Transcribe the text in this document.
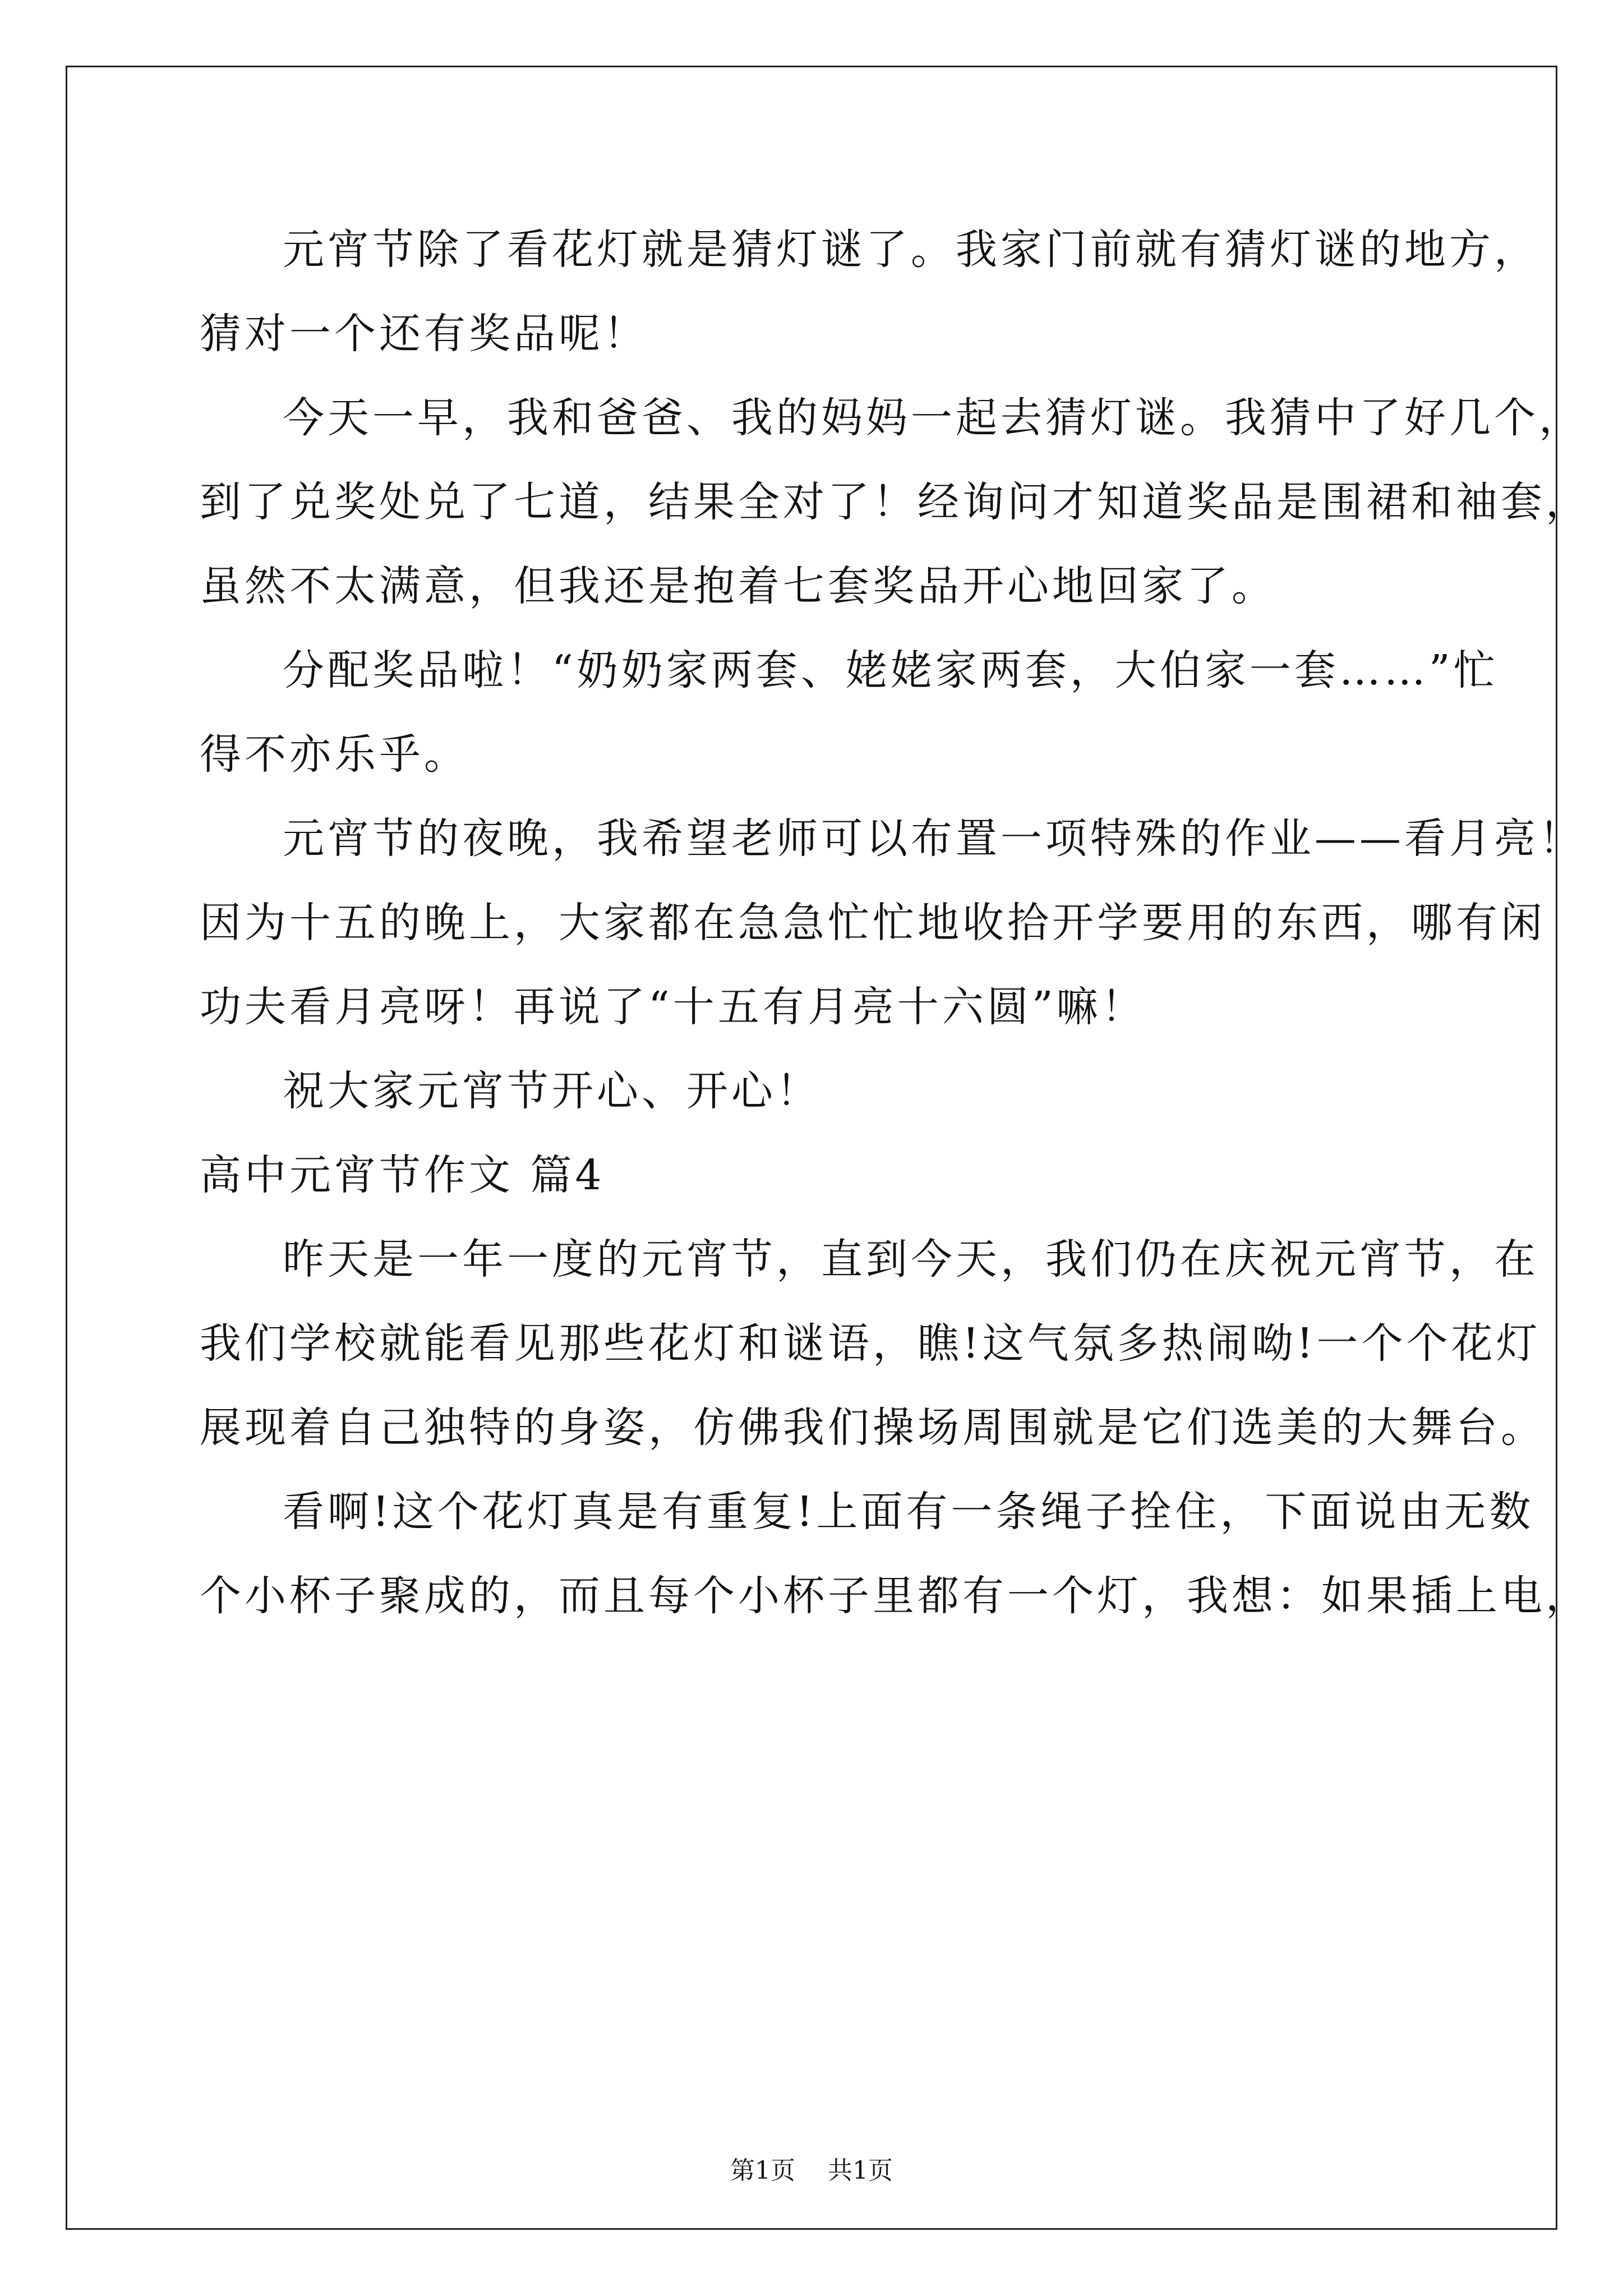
元宵节除了看花灯就是猜灯谜了。我家门前就有猜灯谜的地方，
猜对一个还有奖品呢！
今天一早，我和爸爸、我的妈妈一起去猜灯谜。我猜中了好几个，
到了兑奖处兑了七道，结果全对了！经询问才知道奖品是围裙和袖套，
虽然不太满意，但我还是抱着七套奖品开心地回家了。
分配奖品啦！“奶奶家两套、姥姥家两套，大伯家一套……”忙
得不亦乐乎。
元宵节的夜晚，我希望老师可以布置一项特殊的作业——看月亮！
因为十五的晚上，大家都在急急忙忙地收拾开学要用的东西，哪有闲
功夫看月亮呀！再说了“十五有月亮十六圆”嘛！
祝大家元宵节开心、开心！
高中元宵节作文 篇4
昨天是一年一度的元宵节，直到今天，我们仍在庆祝元宵节，在
我们学校就能看见那些花灯和谜语，瞧!这气氛多热闹呦!一个个花灯
展现着自己独特的身姿，仿佛我们操场周围就是它们选美的大舞台。
看啊!这个花灯真是有重复!上面有一条绳子拴住，下面说由无数
个小杯子聚成的，而且每个小杯子里都有一个灯，我想：如果插上电，
第1页 共1页
